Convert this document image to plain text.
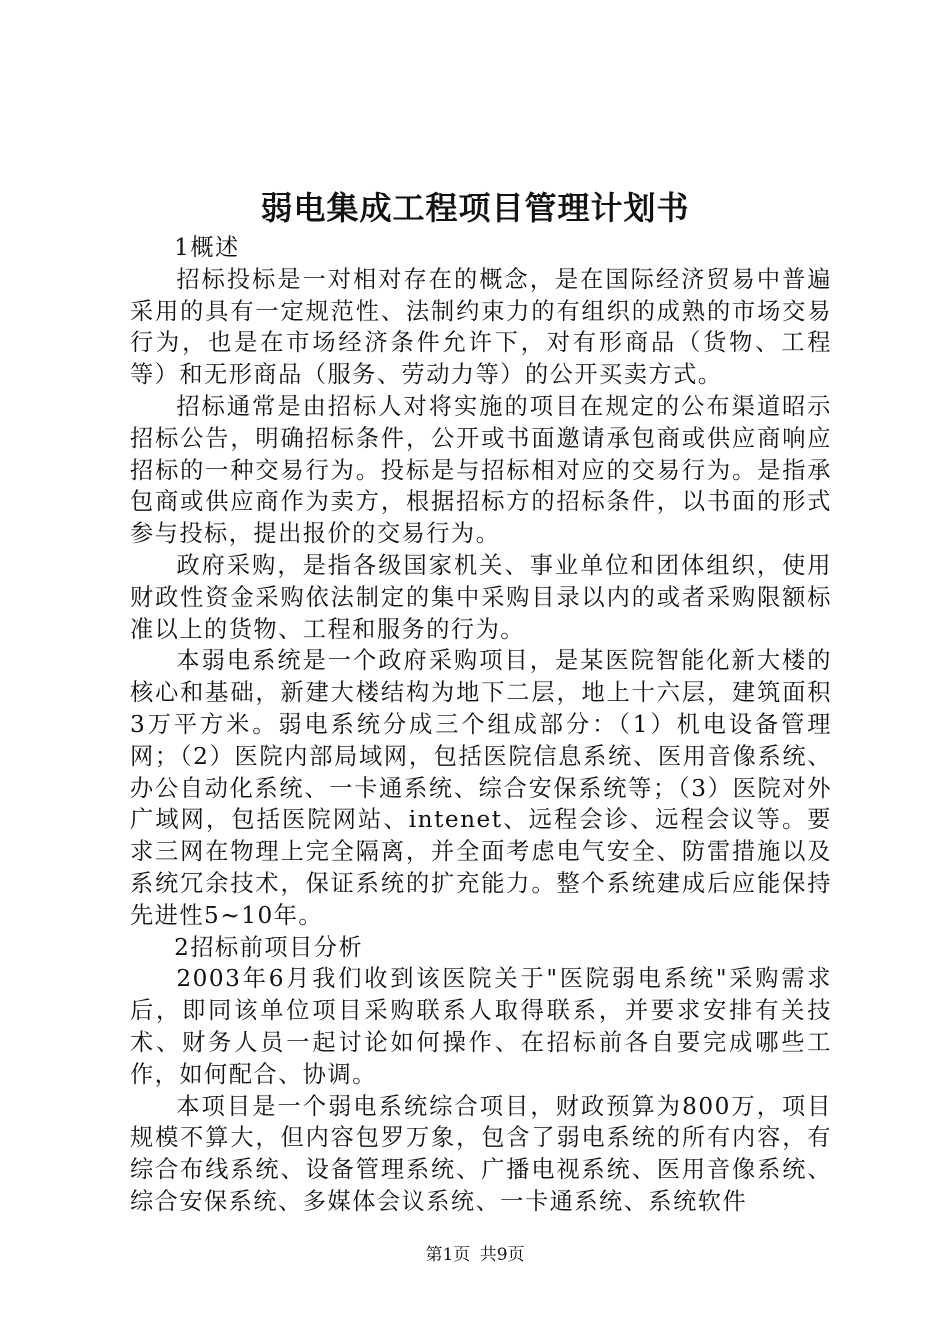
弱电集成工程项目管理计划书

1概述

招标投标是一对相对存在的概念，是在国际经济贸易中普遍采用的具有一定规范性、法制约束力的有组织的成熟的市场交易行为，也是在市场经济条件允许下，对有形商品（货物、工程等）和无形商品（服务、劳动力等）的公开买卖方式。

招标通常是由招标人对将实施的项目在规定的公布渠道昭示招标公告，明确招标条件，公开或书面邀请承包商或供应商响应招标的一种交易行为。投标是与招标相对应的交易行为。是指承包商或供应商作为卖方，根据招标方的招标条件，以书面的形式参与投标，提出报价的交易行为。

政府采购，是指各级国家机关、事业单位和团体组织，使用财政性资金采购依法制定的集中采购目录以内的或者采购限额标准以上的货物、工程和服务的行为。

本弱电系统是一个政府采购项目，是某医院智能化新大楼的核心和基础，新建大楼结构为地下二层，地上十六层，建筑面积3万平方米。弱电系统分成三个组成部分：（1）机电设备管理网；（2）医院内部局域网，包括医院信息系统、医用音像系统、办公自动化系统、一卡通系统、综合安保系统等；（3）医院对外广域网，包括医院网站、intenet、远程会诊、远程会议等。要求三网在物理上完全隔离，并全面考虑电气安全、防雷措施以及系统冗余技术，保证系统的扩充能力。整个系统建成后应能保持先进性5~10年。

2招标前项目分析

2003年6月我们收到该医院关于"医院弱电系统"采购需求后，即同该单位项目采购联系人取得联系，并要求安排有关技术、财务人员一起讨论如何操作、在招标前各自要完成哪些工作，如何配合、协调。

本项目是一个弱电系统综合项目，财政预算为800万，项目规模不算大，但内容包罗万象，包含了弱电系统的所有内容，有综合布线系统、设备管理系统、广播电视系统、医用音像系统、综合安保系统、多媒体会议系统、一卡通系统、系统软件

第1页 共9页
